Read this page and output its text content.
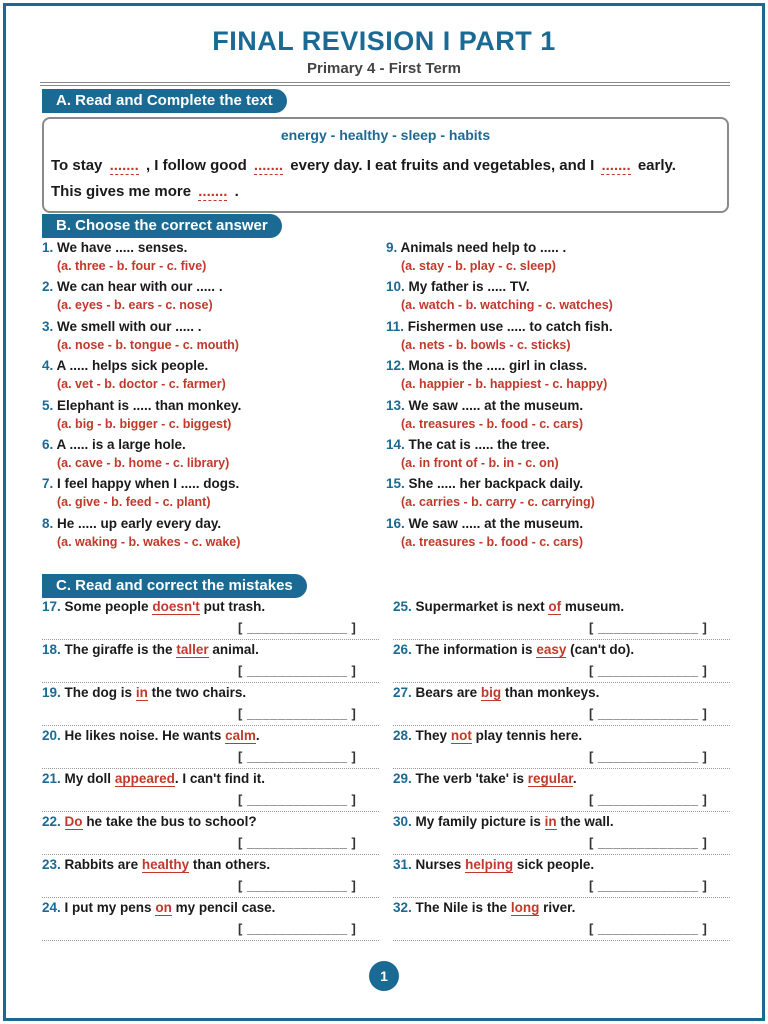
FINAL REVISION I PART 1
Primary 4 - First Term
A. Read and Complete the text
energy - healthy - sleep - habits
To stay ....... , I follow good ....... every day. I eat fruits and vegetables, and I ....... early.
This gives me more ....... .
B. Choose the correct answer
1. We have ..... senses.
(a. three - b. four - c. five)
2. We can hear with our ..... .
(a. eyes - b. ears - c. nose)
3. We smell with our ..... .
(a. nose - b. tongue - c. mouth)
4. A ..... helps sick people.
(a. vet - b. doctor - c. farmer)
5. Elephant is ..... than monkey.
(a. big - b. bigger - c. biggest)
6. A ..... is a large hole.
(a. cave - b. home - c. library)
7. I feel happy when I ..... dogs.
(a. give - b. feed - c. plant)
8. He ..... up early every day.
(a. waking - b. wakes - c. wake)
9. Animals need help to ..... .
(a. stay - b. play - c. sleep)
10. My father is ..... TV.
(a. watch - b. watching - c. watches)
11. Fishermen use ..... to catch fish.
(a. nets - b. bowls - c. sticks)
12. Mona is the ..... girl in class.
(a. happier - b. happiest - c. happy)
13. We saw ..... at the museum.
(a. treasures - b. food - c. cars)
14. The cat is ..... the tree.
(a. in front of - b. in - c. on)
15. She ..... her backpack daily.
(a. carries - b. carry - c. carrying)
16. We saw ..... at the museum.
(a. treasures - b. food - c. cars)
C. Read and correct the mistakes
17. Some people doesn't put trash.
[ _____________ ]
18. The giraffe is the taller animal.
[ _____________ ]
19. The dog is in the two chairs.
[ _____________ ]
20. He likes noise. He wants calm.
[ _____________ ]
21. My doll appeared. I can't find it.
[ _____________ ]
22. Do he take the bus to school?
[ _____________ ]
23. Rabbits are healthy than others.
[ _____________ ]
24. I put my pens on my pencil case.
[ _____________ ]
25. Supermarket is next of museum.
[ _____________ ]
26. The information is easy (can't do).
[ _____________ ]
27. Bears are big than monkeys.
[ _____________ ]
28. They not play tennis here.
[ _____________ ]
29. The verb 'take' is regular.
[ _____________ ]
30. My family picture is in the wall.
[ _____________ ]
31. Nurses helping sick people.
[ _____________ ]
32. The Nile is the long river.
[ _____________ ]
1
